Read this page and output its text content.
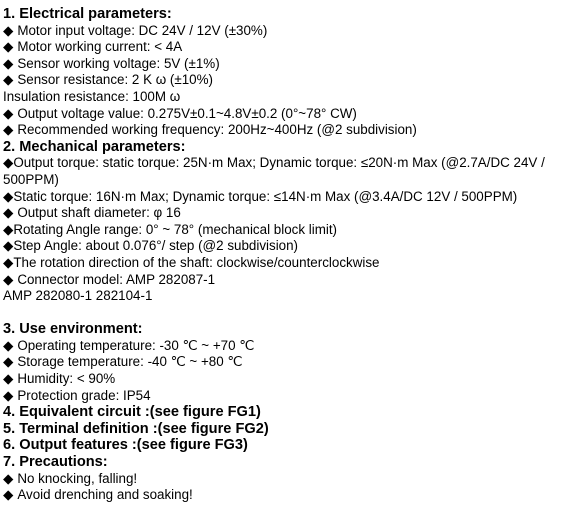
1. Electrical parameters:
◆ Motor input voltage: DC 24V / 12V (±30%)
◆ Motor working current: < 4A
◆ Sensor working voltage: 5V (±1%)
◆ Sensor resistance: 2 K ω (±10%)
Insulation resistance: 100M ω
◆ Output voltage value: 0.275V±0.1~4.8V±0.2 (0°~78° CW)
◆ Recommended working frequency: 200Hz~400Hz (@2 subdivision)
2. Mechanical parameters:
◆Output torque: static torque: 25N·m Max; Dynamic torque: ≤20N·m Max (@2.7A/DC 24V / 500PPM)
◆Static torque: 16N·m Max; Dynamic torque: ≤14N·m Max (@3.4A/DC 12V / 500PPM)
◆ Output shaft diameter: φ 16
◆Rotating Angle range: 0° ~ 78° (mechanical block limit)
◆Step Angle: about 0.076°/ step (@2 subdivision)
◆The rotation direction of the shaft: clockwise/counterclockwise
◆ Connector model: AMP 282087-1
AMP 282080-1 282104-1
3. Use environment:
◆ Operating temperature: -30 ℃ ~ +70 ℃
◆ Storage temperature: -40 ℃ ~ +80 ℃
◆ Humidity: < 90%
◆ Protection grade: IP54
4. Equivalent circuit :(see figure FG1)
5. Terminal definition :(see figure FG2)
6. Output features :(see figure FG3)
7. Precautions:
◆ No knocking, falling!
◆ Avoid drenching and soaking!
